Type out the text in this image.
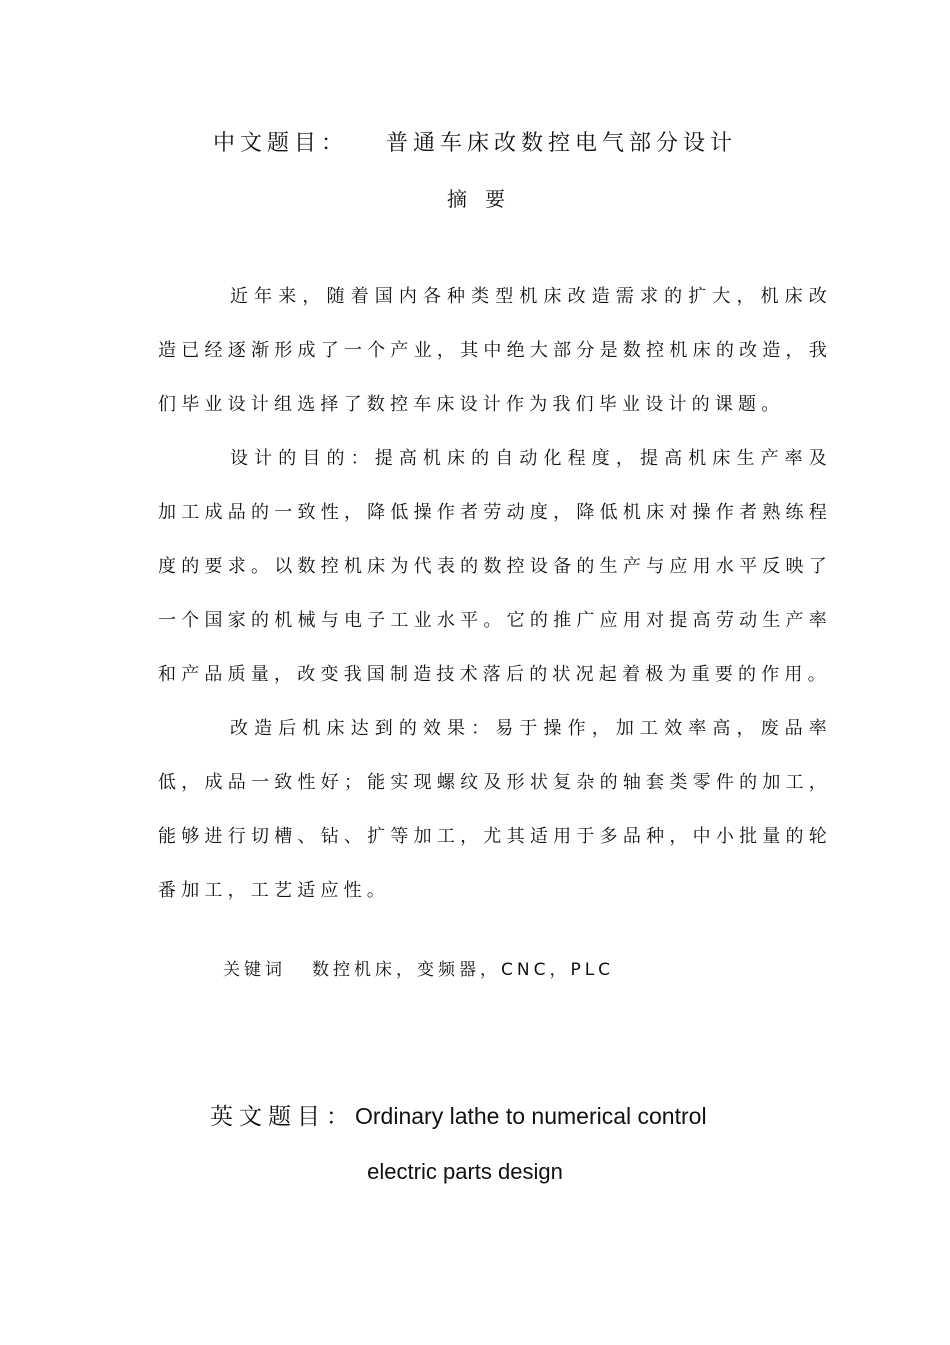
中文题目： 普通车床改数控电气部分设计
摘要

近年来，随着国内各种类型机床改造需求的扩大，机床改造已经逐渐形成了一个产业，其中绝大部分是数控机床的改造，我们毕业设计组选择了数控车床设计作为我们毕业设计的课题。

设计的目的：提高机床的自动化程度，提高机床生产率及加工成品的一致性，降低操作者劳动度，降低机床对操作者熟练程度的要求。以数控机床为代表的数控设备的生产与应用水平反映了一个国家的机械与电子工业水平。它的推广应用对提高劳动生产率和产品质量，改变我国制造技术落后的状况起着极为重要的作用。

改造后机床达到的效果：易于操作，加工效率高，废品率低，成品一致性好；能实现螺纹及形状复杂的轴套类零件的加工，能够进行切槽、钻、扩等加工，尤其适用于多品种，中小批量的轮番加工，工艺适应性。

关键词 数控机床，变频器，CNC，PLC
英文题目：Ordinary lathe to numerical control
electric parts design
